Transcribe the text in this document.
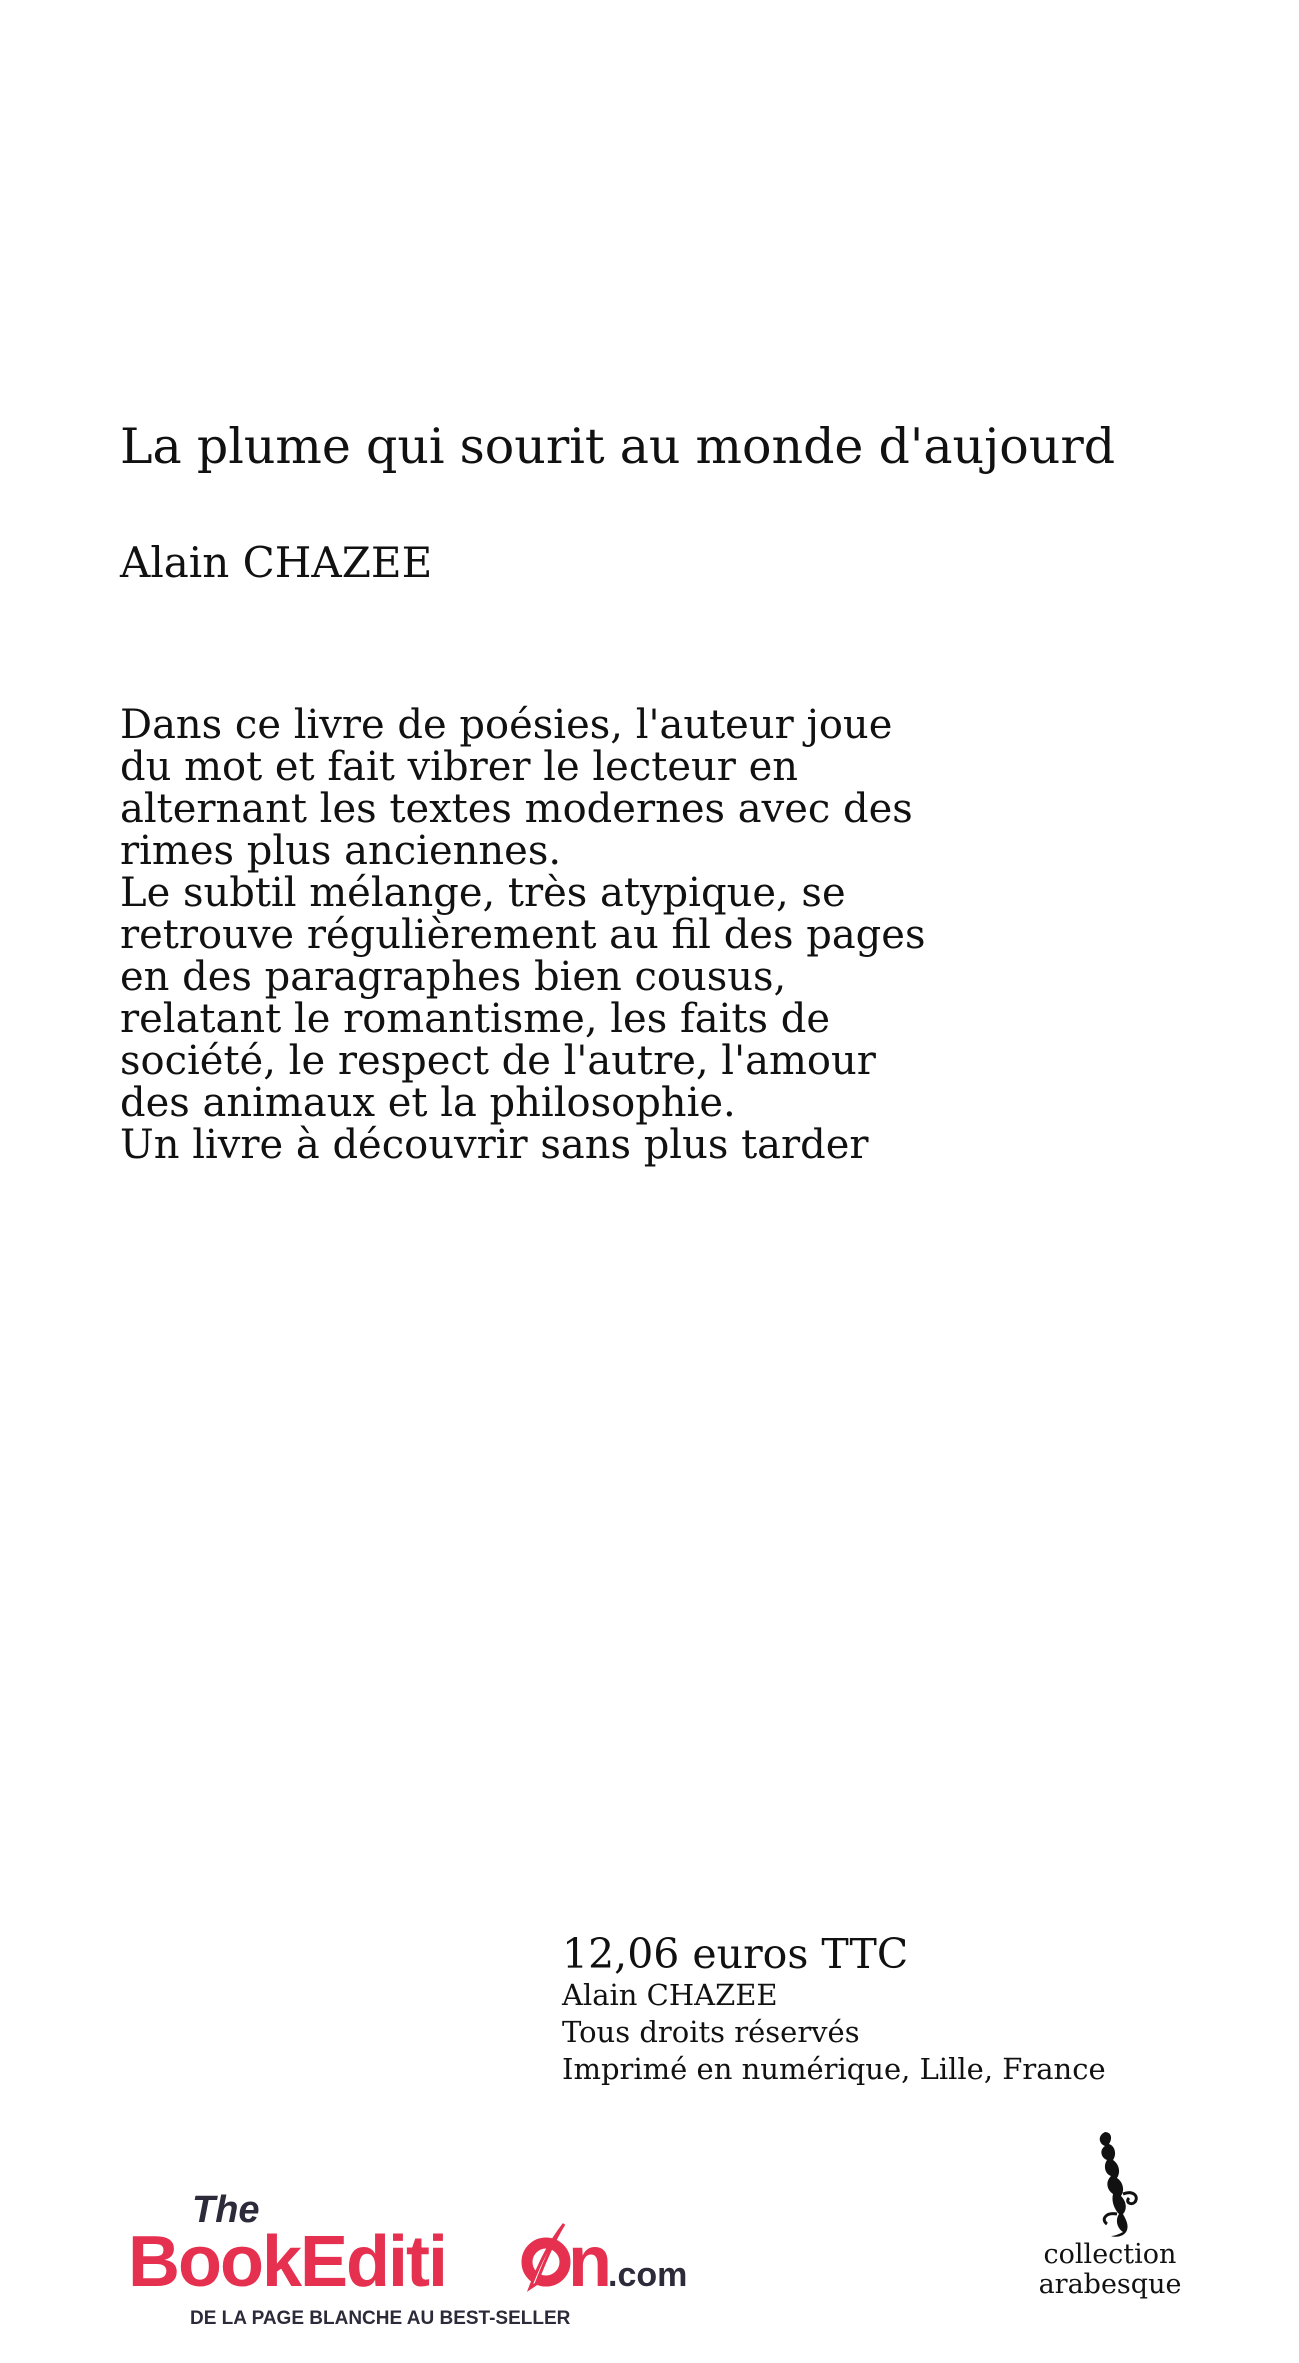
La plume qui sourit au monde d'aujourd
Alain CHAZEE
Dans ce livre de poésies, l'auteur joue
du mot et fait vibrer le lecteur en
alternant les textes modernes avec des
rimes plus anciennes.
Le subtil mélange, très atypique, se
retrouve régulièrement au fil des pages
en des paragraphes bien cousus,
relatant le romantisme, les faits de
société, le respect de l'autre, l'amour
des animaux et la philosophie.
Un livre à découvrir sans plus tarder
12,06 euros TTC
Alain CHAZEE
Tous droits réservés
Imprimé en numérique, Lille, France
The
BookEditi n
.com
DE LA PAGE BLANCHE AU BEST-SELLER
collection
arabesque
